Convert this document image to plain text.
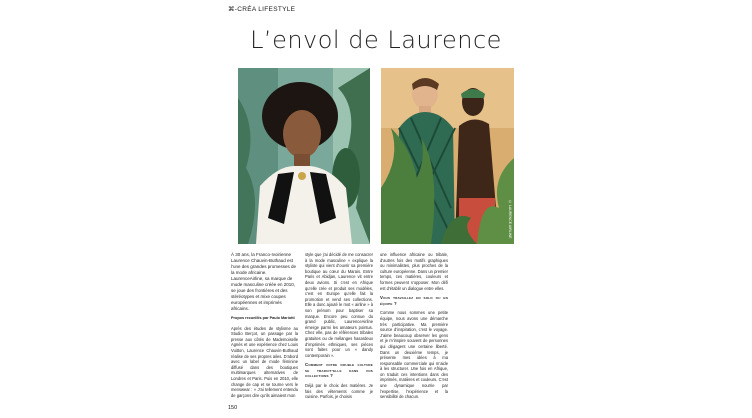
⌘-CRÉA LIFESTYLE
L’envol de Laurence
© LAURENCE AIRLINE

À 30 ans, la Franco-Ivoirienne Laurence Chauvin-Buthaud est l’une des grandes promesses de la mode africaine. LaurenceAirline, sa marque de mode masculine créée en 2010, se joue des frontières et des stéréotypes et mixe coupes européennes et imprimés africains.

Propos recueillis par Paulo Mariotti

Après des études de stylisme au Studio Berçot, un passage par la presse aux côtés de Mademoiselle Agnès et une expérience chez Louis Vuitton, Laurence Chauvin-Buthaud réalise de ses propres ailes. D’abord avec un label de mode féminine diffusé dans des boutiques multimarques alternatives de Londres et Paris. Puis en 2010, elle change de cap et se tourne vers le menswear : « J’ai tellement entendu de garçons dire qu’ils aimaient mon

style que j’ai décidé de me consacrer à la mode masculine » explique la styliste qui vient d’ouvrir sa première boutique au cœur du Marais. Entre Paris et Abidjan, Laurence vit entre deux avions. Si c’est en Afrique qu’elle crée et produit ses modèles, c’est en Europe qu’elle fait la promotion et vend ses collections. Elle a donc ajouté le mot « airline » à son prénom pour baptiser sa marque. Encore peu connue du grand public, LaurenceAirline émerge parmi les amateurs pointus. Chez elle, pas de références tribales gratuites ou de mélanges hasardeux d’imprimés ethniques, ses pièces sont faites pour un « dandy contemporain ».

Comment votre double culture se traduit-elle dans vos collections ?

Déjà par le choix des matières. Je fais des vêtements comme je cuisine. Parfois, je choisis

une influence africaine ou tribale, d’autres fois des motifs graphiques ou minimalistes, plus proches de la culture européenne. Dans un premier temps, ces matières, couleurs et formes peuvent s’opposer. Mon défi est d’établir un dialogue entre elles.

Vous travaillez en solo ou en équipe ?

Comme nous sommes une petite équipe, nous avons une démarche très participative. Ma première source d’inspiration, c’est le voyage. J’aime beaucoup observer les gens et je m’inspire souvent de personnes qui dégagent une certaine liberté. Dans un deuxième temps, je présente mes idées à ma responsable commerciale qui m’aide à les structurer. Une fois en Afrique, on traduit ces intentions dans des imprimés, matières et couleurs. C’est une dynamique nourrie par l’expertise, l’expérience et la sensibilité de chacun.

150
